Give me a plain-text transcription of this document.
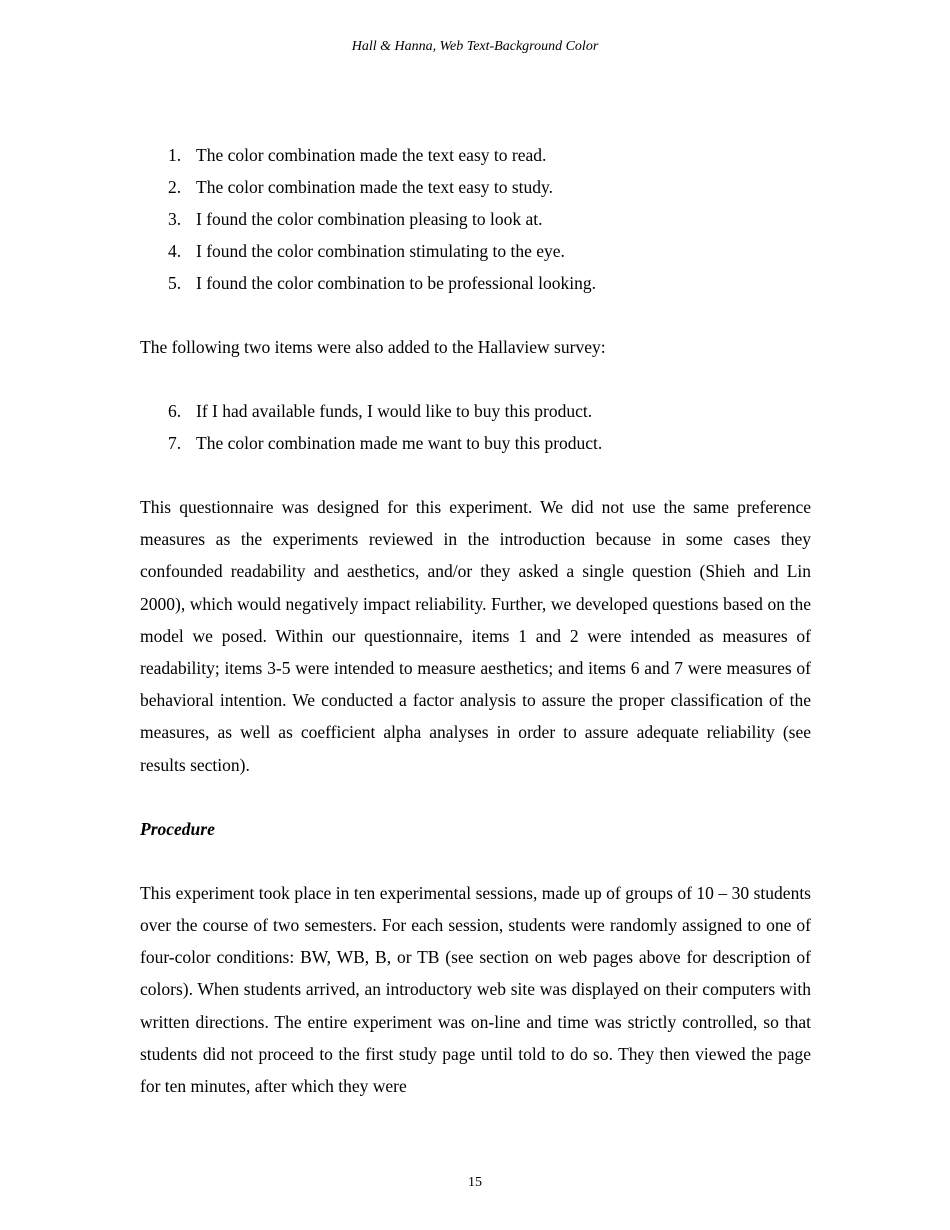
Hall & Hanna, Web Text-Background Color
1. The color combination made the text easy to read.
2. The color combination made the text easy to study.
3. I found the color combination pleasing to look at.
4. I found the color combination stimulating to the eye.
5. I found the color combination to be professional looking.

The following two items were also added to the Hallaview survey:

6. If I had available funds, I would like to buy this product.
7. The color combination made me want to buy this product.

This questionnaire was designed for this experiment. We did not use the same preference measures as the experiments reviewed in the introduction because in some cases they confounded readability and aesthetics, and/or they asked a single question (Shieh and Lin 2000), which would negatively impact reliability. Further, we developed questions based on the model we posed. Within our questionnaire, items 1 and 2 were intended as measures of readability; items 3-5 were intended to measure aesthetics; and items 6 and 7 were measures of behavioral intention. We conducted a factor analysis to assure the proper classification of the measures, as well as coefficient alpha analyses in order to assure adequate reliability (see results section).

Procedure

This experiment took place in ten experimental sessions, made up of groups of 10 – 30 students over the course of two semesters. For each session, students were randomly assigned to one of four-color conditions: BW, WB, B, or TB (see section on web pages above for description of colors). When students arrived, an introductory web site was displayed on their computers with written directions. The entire experiment was on-line and time was strictly controlled, so that students did not proceed to the first study page until told to do so. They then viewed the page for ten minutes, after which they were

15
